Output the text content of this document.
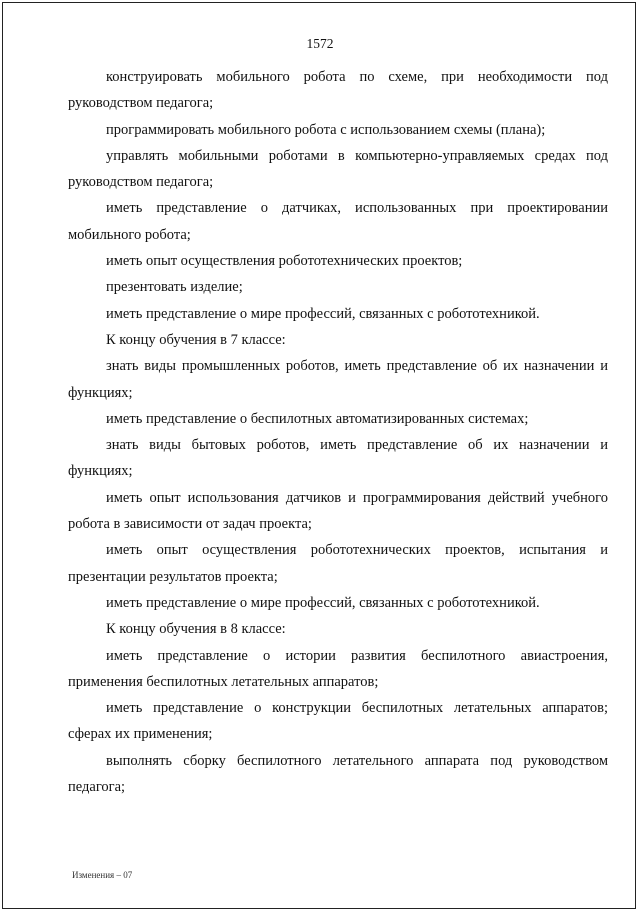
1572

конструировать мобильного робота по схеме, при необходимости под руководством педагога;

программировать мобильного робота с использованием схемы (плана);

управлять мобильными роботами в компьютерно-управляемых средах под руководством педагога;

иметь представление о датчиках, использованных при проектировании мобильного робота;

иметь опыт осуществления робототехнических проектов;

презентовать изделие;

иметь представление о мире профессий, связанных с робототехникой.

К концу обучения в 7 классе:

знать виды промышленных роботов, иметь представление об их назначении и функциях;

иметь представление о беспилотных автоматизированных системах;

знать виды бытовых роботов, иметь представление об их назначении и функциях;

иметь опыт использования датчиков и программирования действий учебного робота в зависимости от задач проекта;

иметь опыт осуществления робототехнических проектов, испытания и презентации результатов проекта;

иметь представление о мире профессий, связанных с робототехникой.

К концу обучения в 8 классе:

иметь представление о истории развития беспилотного авиастроения, применения беспилотных летательных аппаратов;

иметь представление о конструкции беспилотных летательных аппаратов; сферах их применения;

выполнять сборку беспилотного летательного аппарата под руководством педагога;

Изменения – 07
